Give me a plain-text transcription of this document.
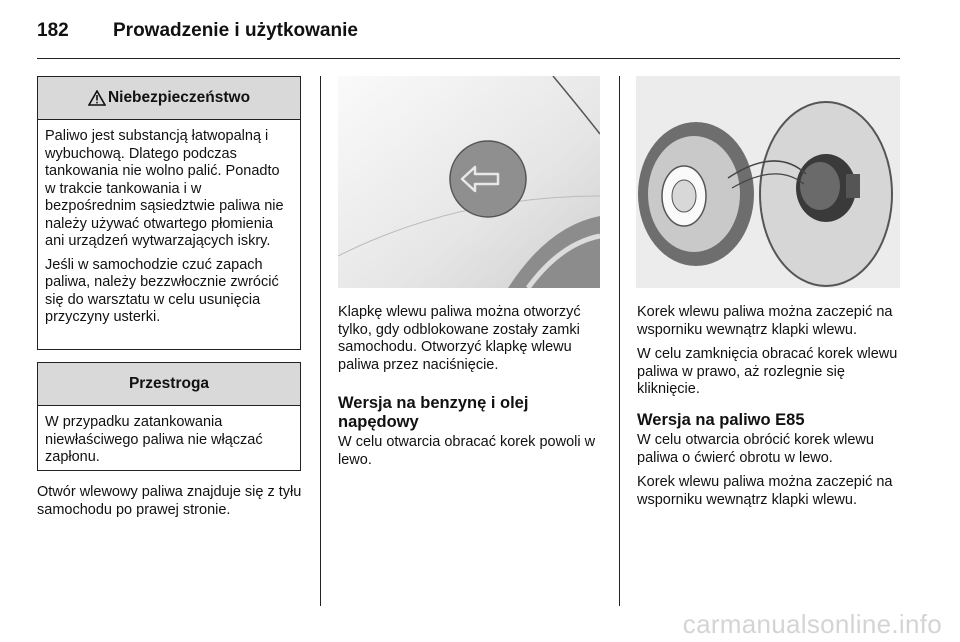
182 Prowadzenie i użytkowanie
Niebezpieczeństwo

Paliwo jest substancją łatwopalną i wybuchową. Dlatego podczas tankowania nie wolno palić. Ponadto w trakcie tankowania i w bezpośrednim sąsiedztwie paliwa nie należy używać otwartego płomienia ani urządzeń wytwarzających iskry.

Jeśli w samochodzie czuć zapach paliwa, należy bezzwłocznie zwrócić się do warsztatu w celu usunięcia przyczyny usterki.

Przestroga

W przypadku zatankowania niewłaściwego paliwa nie włączać zapłonu.

Otwór wlewowy paliwa znajduje się z tyłu samochodu po prawej stronie.

Klapkę wlewu paliwa można otworzyć tylko, gdy odblokowane zostały zamki samochodu. Otworzyć klapkę wlewu paliwa przez naciśnięcie.

Wersja na benzynę i olej napędowy

W celu otwarcia obracać korek powoli w lewo.

Korek wlewu paliwa można zaczepić na wsporniku wewnątrz klapki wlewu.

W celu zamknięcia obracać korek wlewu paliwa w prawo, aż rozlegnie się kliknięcie.

Wersja na paliwo E85

W celu otwarcia obrócić korek wlewu paliwa o ćwierć obrotu w lewo.

Korek wlewu paliwa można zaczepić na wsporniku wewnątrz klapki wlewu.

carmanualsonline.info
